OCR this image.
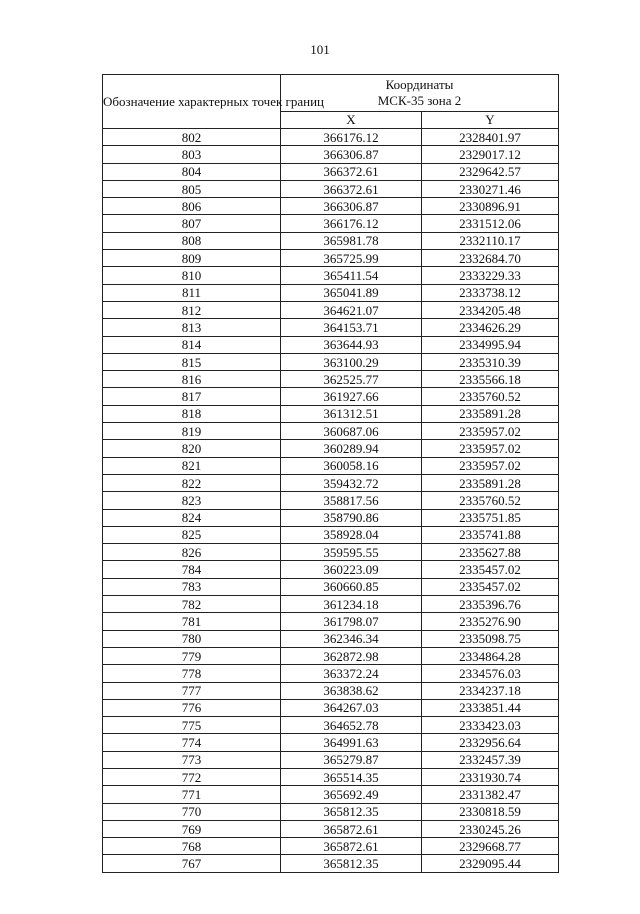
101
Обозначение характерных точек границ	Координаты
МСК-35 зона 2	

	X	Y
802	366176.12	2328401.97
803	366306.87	2329017.12
804	366372.61	2329642.57
805	366372.61	2330271.46
806	366306.87	2330896.91
807	366176.12	2331512.06
808	365981.78	2332110.17
809	365725.99	2332684.70
810	365411.54	2333229.33
811	365041.89	2333738.12
812	364621.07	2334205.48
813	364153.71	2334626.29
814	363644.93	2334995.94
815	363100.29	2335310.39
816	362525.77	2335566.18
817	361927.66	2335760.52
818	361312.51	2335891.28
819	360687.06	2335957.02
820	360289.94	2335957.02
821	360058.16	2335957.02
822	359432.72	2335891.28
823	358817.56	2335760.52
824	358790.86	2335751.85
825	358928.04	2335741.88
826	359595.55	2335627.88
784	360223.09	2335457.02
783	360660.85	2335457.02
782	361234.18	2335396.76
781	361798.07	2335276.90
780	362346.34	2335098.75
779	362872.98	2334864.28
778	363372.24	2334576.03
777	363838.62	2334237.18
776	364267.03	2333851.44
775	364652.78	2333423.03
774	364991.63	2332956.64
773	365279.87	2332457.39
772	365514.35	2331930.74
771	365692.49	2331382.47
770	365812.35	2330818.59
769	365872.61	2330245.26
768	365872.61	2329668.77
767	365812.35	2329095.44
